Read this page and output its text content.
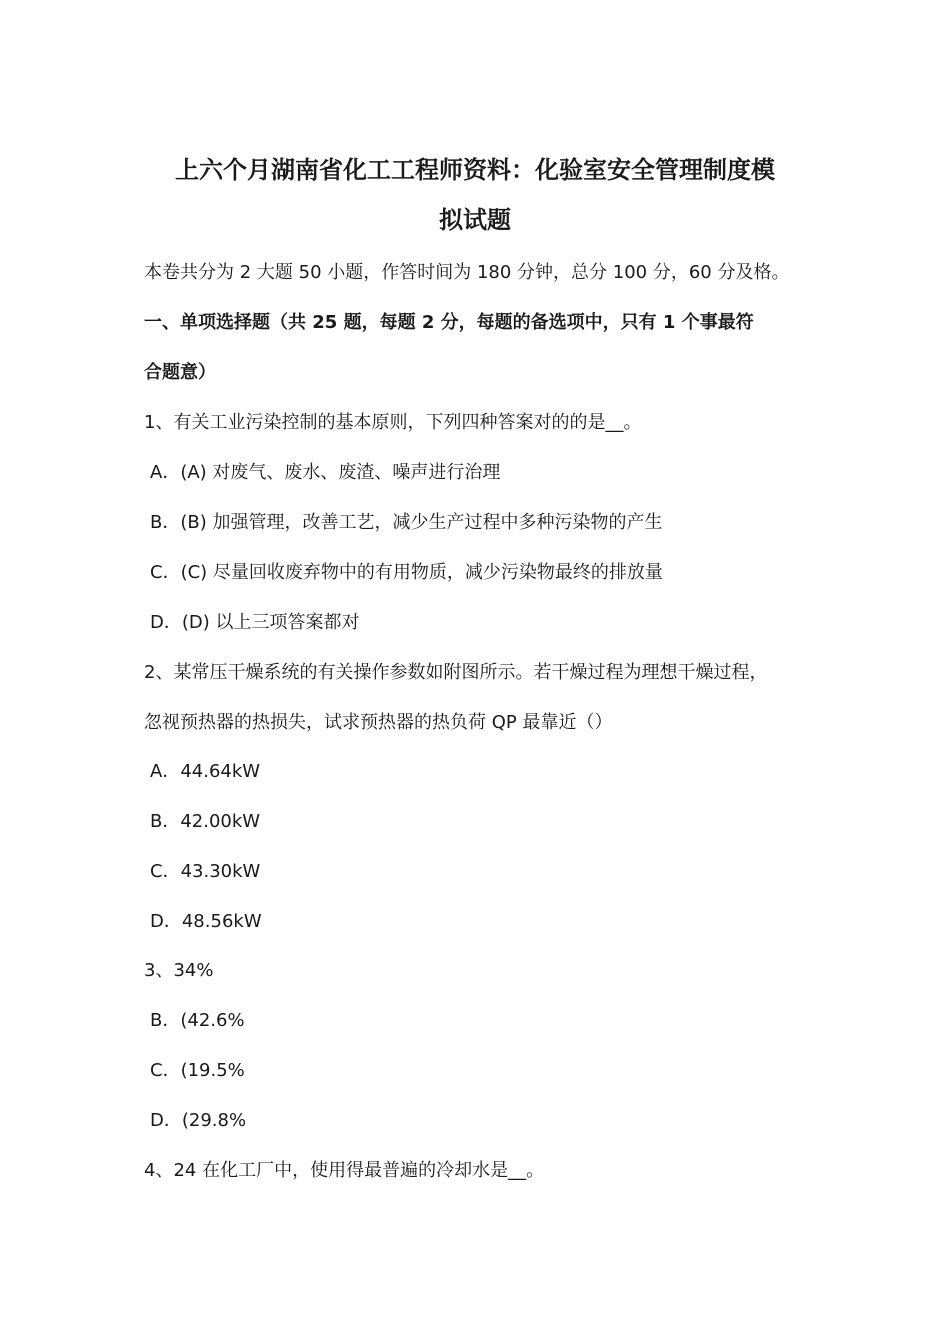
上六个月湖南省化工工程师资料：化验室安全管理制度模
拟试题
本卷共分为 2 大题 50 小题，作答时间为 180 分钟，总分 100 分，60 分及格。
一、单项选择题（共 25 题，每题 2 分，每题的备选项中，只有 1 个事最符
合题意）
1、有关工业污染控制的基本原则，下列四种答案对的的是__。
A．(A) 对废气、废水、废渣、噪声进行治理
B．(B) 加强管理，改善工艺，减少生产过程中多种污染物的产生
C．(C) 尽量回收废弃物中的有用物质，减少污染物最终的排放量
D．(D) 以上三项答案都对
2、某常压干燥系统的有关操作参数如附图所示。若干燥过程为理想干燥过程，
忽视预热器的热损失，试求预热器的热负荷 QP 最靠近（）
A．44.64kW
B．42.00kW
C．43.30kW
D．48.56kW
3、34%
B．(42.6%
C．(19.5%
D．(29.8%
4、24 在化工厂中，使用得最普遍的冷却水是__。
